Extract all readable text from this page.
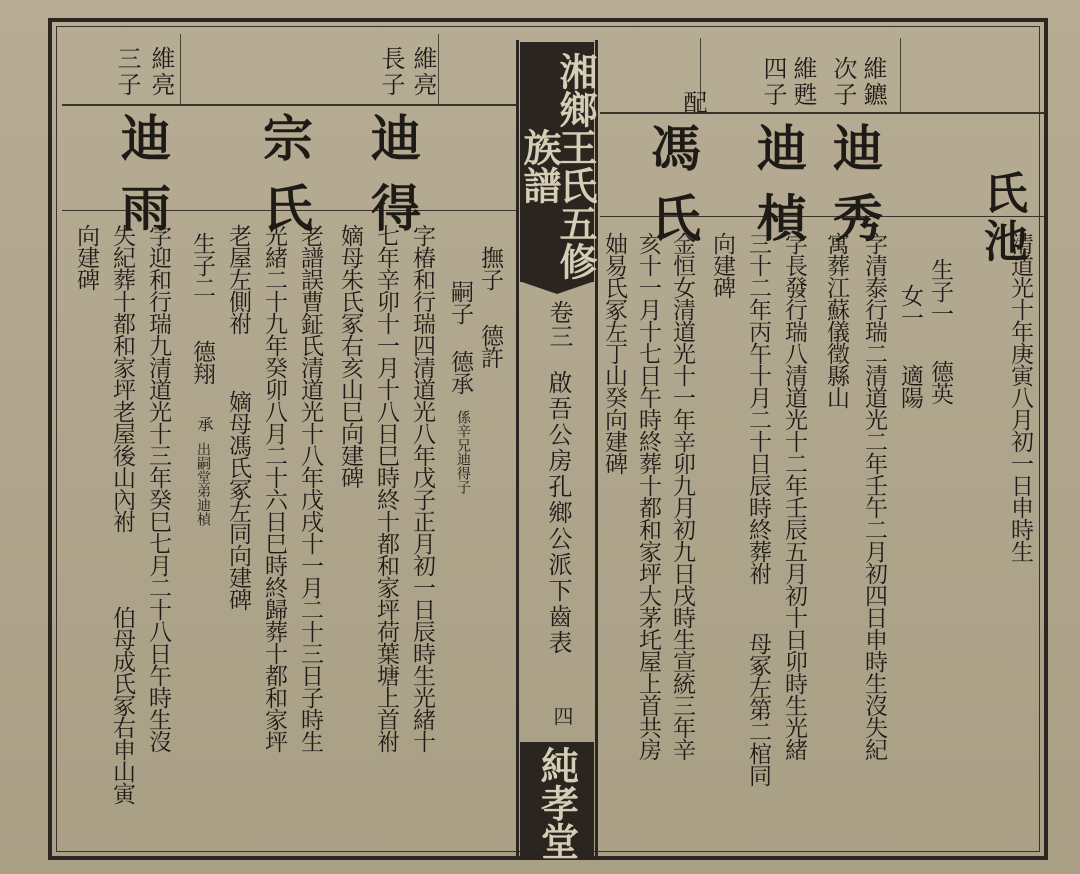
湘鄉王氏五修族譜
卷三
啟吾公房孔鄉公派下齒表
四
純孝堂
氏池
清道光十年庚寅八月初一日申時生
維鑣
次子
迪秀
字清泰行瑞二清道光二年壬午二月初四日申時生沒失紀 生子一
德英
女一
適陽
維甦
四子
迪楨
字長發行瑞八清道光十二年壬辰五月初十日卯時生光緒
三十二年丙午十月二十日辰時終葬祔
母冢左第二棺同
寓葬江蘇儀徵縣山
配
馮氏
金恒女清道光十一年辛卯九月初九日戌時生宣統三年辛
亥十一月十七日午時終葬十都和家坪大茅圫屋上首共房
妯易氏冢左丁山癸向建碑	向建碑
維亮
長子
迪得
字椿和行瑞四清道光八年戊子正月初一日辰時生光緒十
七年辛卯十一月十八日巳時終十都和家坪荷葉塘上首祔
嫡母朱氏冢右亥山巳向建碑	撫子
德許
嗣子
德承
係辛兄迪得子
宗氏
老譜誤曹鉦氏清道光十八年戊戌十一月二十三日子時生
光緒二十九年癸卯八月二十六日巳時終歸葬十都和家坪
老屋左側祔
嫡母馮氏冢左同向建碑
生子二
德翔
承
出嗣堂弟迪楨
維亮
三子
迪雨
字迎和行瑞九清道光十三年癸巳七月二十八日午時生沒
失紀葬十都和家坪老屋後山內祔
伯母成氏冢右申山寅
向建碑
